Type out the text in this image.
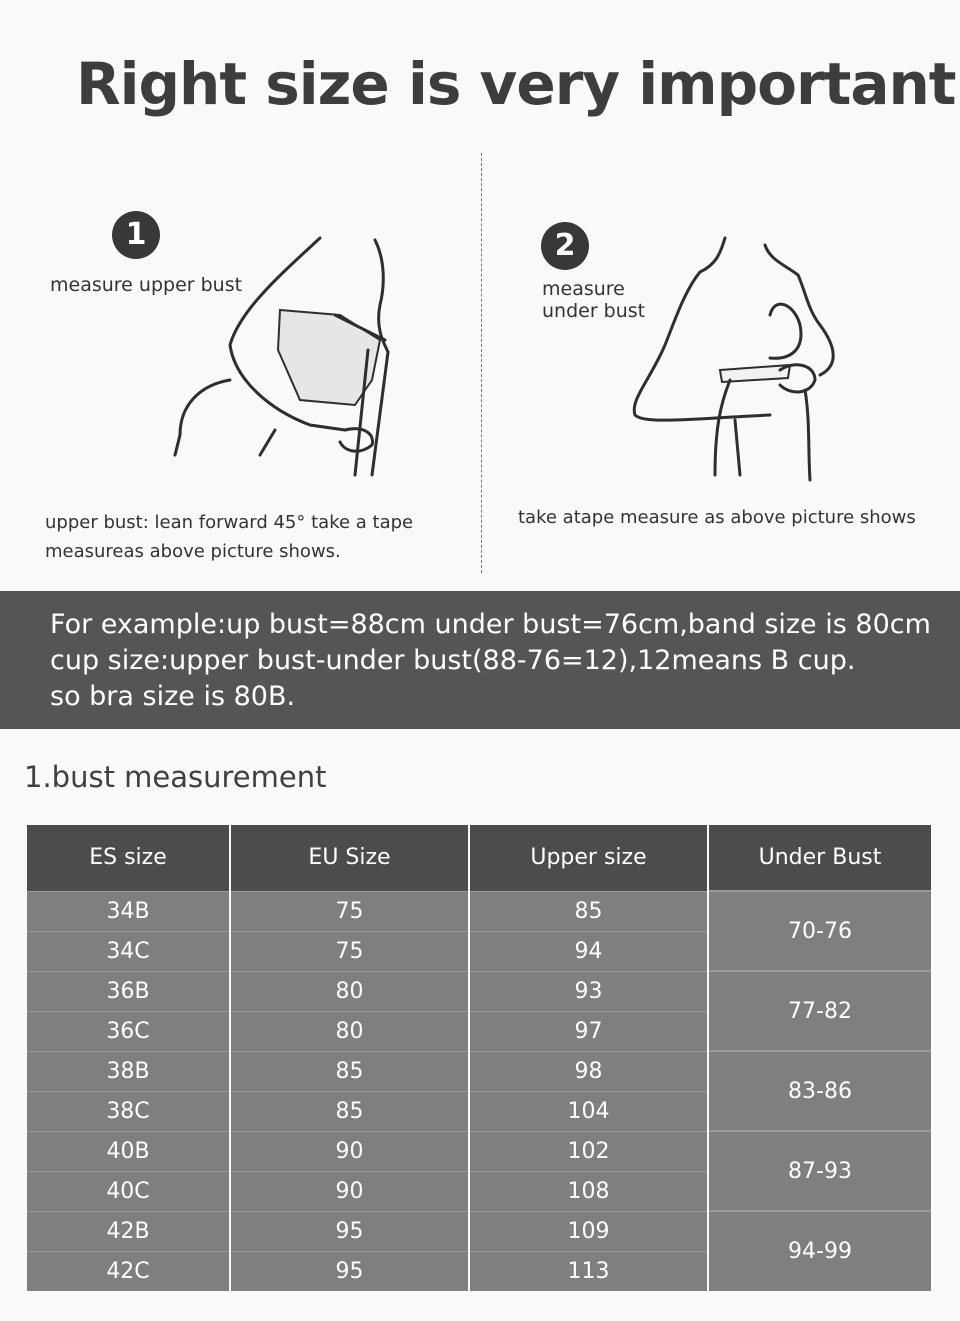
Right size is very important
1
measure upper bust
upper bust: lean forward 45° take a tape
measureas above picture shows.
2
measure
under bust
take atape measure as above picture shows
For example:up bust=88cm under bust=76cm,band size is 80cm
cup size:upper bust-under bust(88-76=12),12means B cup.
so bra size is 80B.
1.bust measurement
ES size	EU Size	Upper size	Under Bust
34B	75	85	70-76
34C	75	94	
36B	80	93	77-82
36C	80	97	
38B	85	98	83-86
38C	85	104	
40B	90	102	87-93
40C	90	108	
42B	95	109	94-99
42C	95	113	
